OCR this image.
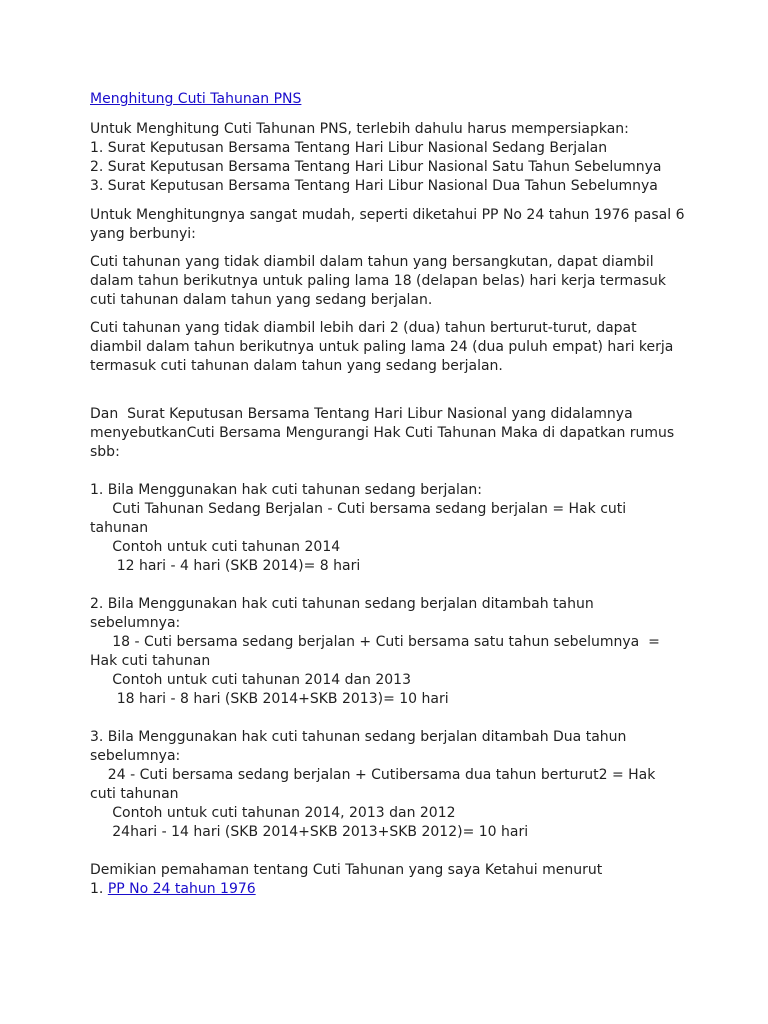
Menghitung Cuti Tahunan PNS

Untuk Menghitung Cuti Tahunan PNS, terlebih dahulu harus mempersiapkan:

1. Surat Keputusan Bersama Tentang Hari Libur Nasional Sedang Berjalan

2. Surat Keputusan Bersama Tentang Hari Libur Nasional Satu Tahun Sebelumnya

3. Surat Keputusan Bersama Tentang Hari Libur Nasional Dua Tahun Sebelumnya

Untuk Menghitungnya sangat mudah, seperti diketahui PP No 24 tahun 1976 pasal 6

yang berbunyi:

Cuti tahunan yang tidak diambil dalam tahun yang bersangkutan, dapat diambil

dalam tahun berikutnya untuk paling lama 18 (delapan belas) hari kerja termasuk

cuti tahunan dalam tahun yang sedang berjalan.

Cuti tahunan yang tidak diambil lebih dari 2 (dua) tahun berturut-turut, dapat

diambil dalam tahun berikutnya untuk paling lama 24 (dua puluh empat) hari kerja

termasuk cuti tahunan dalam tahun yang sedang berjalan.

Dan  Surat Keputusan Bersama Tentang Hari Libur Nasional yang didalamnya

menyebutkanCuti Bersama Mengurangi Hak Cuti Tahunan Maka di dapatkan rumus

sbb:

1. Bila Menggunakan hak cuti tahunan sedang berjalan:

Cuti Tahunan Sedang Berjalan - Cuti bersama sedang berjalan = Hak cuti

tahunan

Contoh untuk cuti tahunan 2014

12 hari - 4 hari (SKB 2014)= 8 hari

2. Bila Menggunakan hak cuti tahunan sedang berjalan ditambah tahun

sebelumnya:

18 - Cuti bersama sedang berjalan + Cuti bersama satu tahun sebelumnya  =

Hak cuti tahunan

Contoh untuk cuti tahunan 2014 dan 2013

18 hari - 8 hari (SKB 2014+SKB 2013)= 10 hari

3. Bila Menggunakan hak cuti tahunan sedang berjalan ditambah Dua tahun

sebelumnya:

24 - Cuti bersama sedang berjalan + Cutibersama dua tahun berturut2 = Hak

cuti tahunan

Contoh untuk cuti tahunan 2014, 2013 dan 2012

24hari - 14 hari (SKB 2014+SKB 2013+SKB 2012)= 10 hari

Demikian pemahaman tentang Cuti Tahunan yang saya Ketahui menurut

1. PP No 24 tahun 1976
